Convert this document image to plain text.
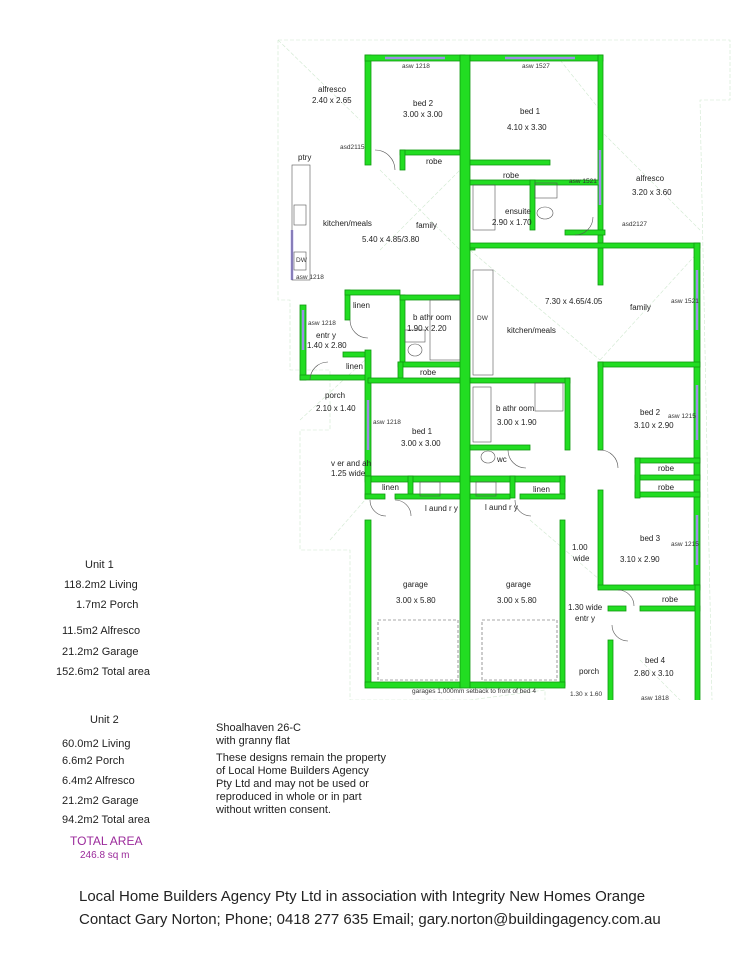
alfresco
2.40 x 2.65	bed 2
3.00 x 3.00
ptry	robe
kitchen/meals
5.40 x 4.85/3.80
family
linen
b athr oom
1.90 x 2.20
entr y
1.40 x 2.80
linen
robe
porch
2.10 x 1.40
bed 1
3.00 x 3.00
v er and ah
1.25 wide
linen
l aund r y
garage
3.00 x 5.80
bed 1
4.10 x 3.30
robe
ensuite
2.90 x 1.70
alfresco
3.20 x 3.60
7.30 x 4.65/4.05
family
kitchen/meals
b athr oom
3.00 x 1.90
bed 2
3.10 x 2.90
wc
robe
robe
l aund r y
linen
bed 3
3.10 x 2.90
1.00
wide
garage
3.00 x 5.80
1.30 wide
entr y
robe
bed 4
2.80 x 3.10
porch
1.30 x 1.60
asw 1218	asw 1527
asd2115
asw 1521
asd2127
asw 1218
asw 1218
asw 1218
asw 1521
asw 1215
asw 1215
asw 1818
DW
DW
garages 1,000mm setback to front of bed 4
Unit 1
118.2m2 Living
1.7m2 Porch
11.5m2 Alfresco
21.2m2 Garage
152.6m2 Total area
Unit 2
60.0m2 Living
6.6m2 Porch
6.4m2 Alfresco
21.2m2 Garage
94.2m2 Total area
TOTAL AREA
246.8 sq m
Shoalhaven 26-C
with granny flat
These designs remain the property
of Local Home Builders Agency
Pty Ltd and may not be used or
reproduced in whole or in part
without written consent.
Local Home Builders Agency Pty Ltd in association with Integrity New Homes Orange
Contact Gary Norton; Phone; 0418 277 635 Email; gary.norton@buildingagency.com.au
